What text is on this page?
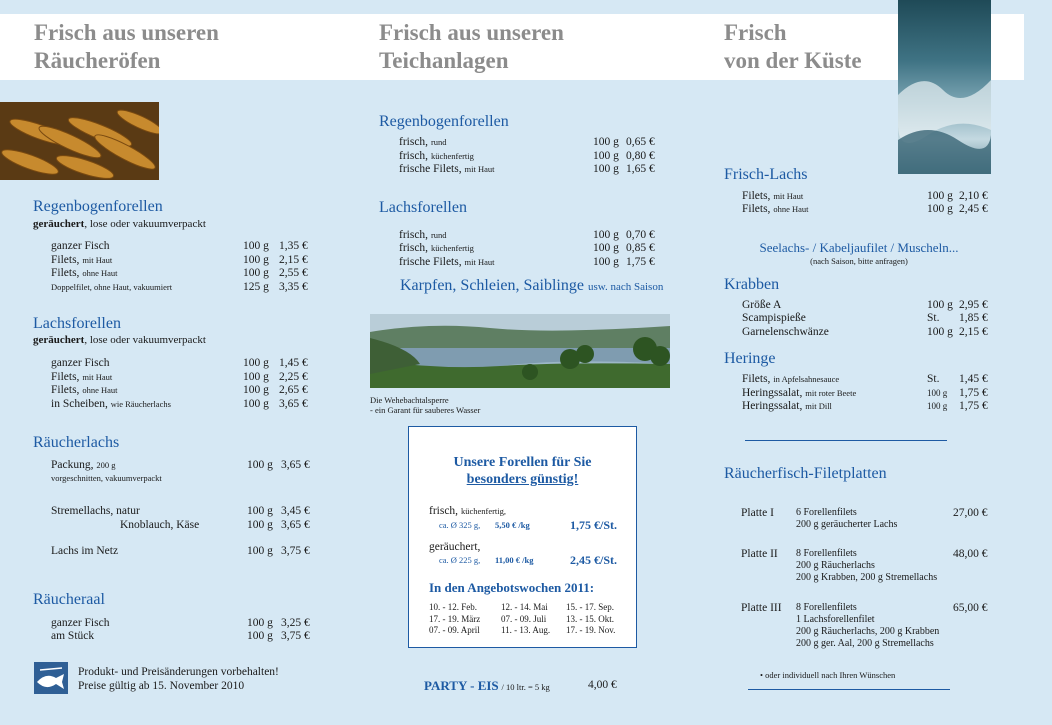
Frisch aus unseren
Räucheröfen
Frisch aus unseren
Teichanlagen
Frisch
von der Küste
Regenbogenforellen
geräuchert, lose oder vakuumverpackt
ganzer Fisch	100 g 1,35 €
Filets, mit Haut	100 g 2,15 €
Filets, ohne Haut	100 g 2,55 €
Doppelfilet, ohne Haut, vakuumiert	125 g 3,35 €
Lachsforellen
geräuchert, lose oder vakuumverpackt
ganzer Fisch	100 g 1,45 €
Filets, mit Haut	100 g 2,25 €
Filets, ohne Haut	100 g 2,65 €
in Scheiben, wie Räucherlachs	100 g 3,65 €
Räucherlachs
Packung, 200 g	100 g 3,65 €
vorgeschnitten, vakuumverpackt
Stremellachs, natur	100 g 3,45 €
Knoblauch, Käse	100 g 3,65 €
Lachs im Netz	100 g 3,75 €
Räucheraal
ganzer Fisch	100 g 3,25 €
am Stück	100 g 3,75 €
Produkt- und Preisänderungen vorbehalten!
Preise gültig ab 15. November 2010
Regenbogenforellen
frisch, rund	100 g 0,65 €
frisch, küchenfertig	100 g 0,80 €
frische Filets, mit Haut	100 g 1,65 €
Lachsforellen
frisch, rund	100 g 0,70 €
frisch, küchenfertig	100 g 0,85 €
frische Filets, mit Haut	100 g 1,75 €
Karpfen, Schleien, Saiblinge usw. nach Saison
Die Wehebachtalsperre
- ein Garant für sauberes Wasser
Unsere Forellen für Sie
besonders günstig!
frisch, küchenfertig,
ca. Ø 325 g, 5,50 € /kg	1,75 €/St.
geräuchert,
ca. Ø 225 g, 11,00 € /kg	2,45 €/St.
In den Angebotswochen 2011:
10. - 12. Feb.	12. - 14. Mai 15. - 17. Sep.
17. - 19. März 07. - 09. Juli 13. - 15. Okt.
07. - 09. April 11. - 13. Aug. 17. - 19. Nov.
PARTY - EIS / 10 ltr. = 5 kg	4,00 €
Frisch-Lachs
Filets, mit Haut	100 g 2,10 €
Filets, ohne Haut	100 g 2,45 €
Seelachs- / Kabeljaufilet / Muscheln...
(nach Saison, bitte anfragen)
Krabben
Größe A	100 g 2,95 €
Scampispieße	St. 1,85 €
Garnelenschwänze	100 g 2,15 €
Heringe
Filets, in Apfelsahnesauce	St. 1,45 €
Heringssalat, mit roter Beete	100 g 1,75 €
Heringssalat, mit Dill	100 g 1,75 €
Räucherfisch-Filetplatten
Platte I 6 Forellenfilets
200 g geräucherter Lachs
27,00 €
Platte II 8 Forellenfilets
200 g Räucherlachs
200 g Krabben, 200 g Stremellachs
48,00 €
Platte III 8 Forellenfilets
1 Lachsforellenfilet
200 g Räucherlachs, 200 g Krabben
200 g ger. Aal, 200 g Stremellachs
65,00 €
• oder individuell nach Ihren Wünschen
